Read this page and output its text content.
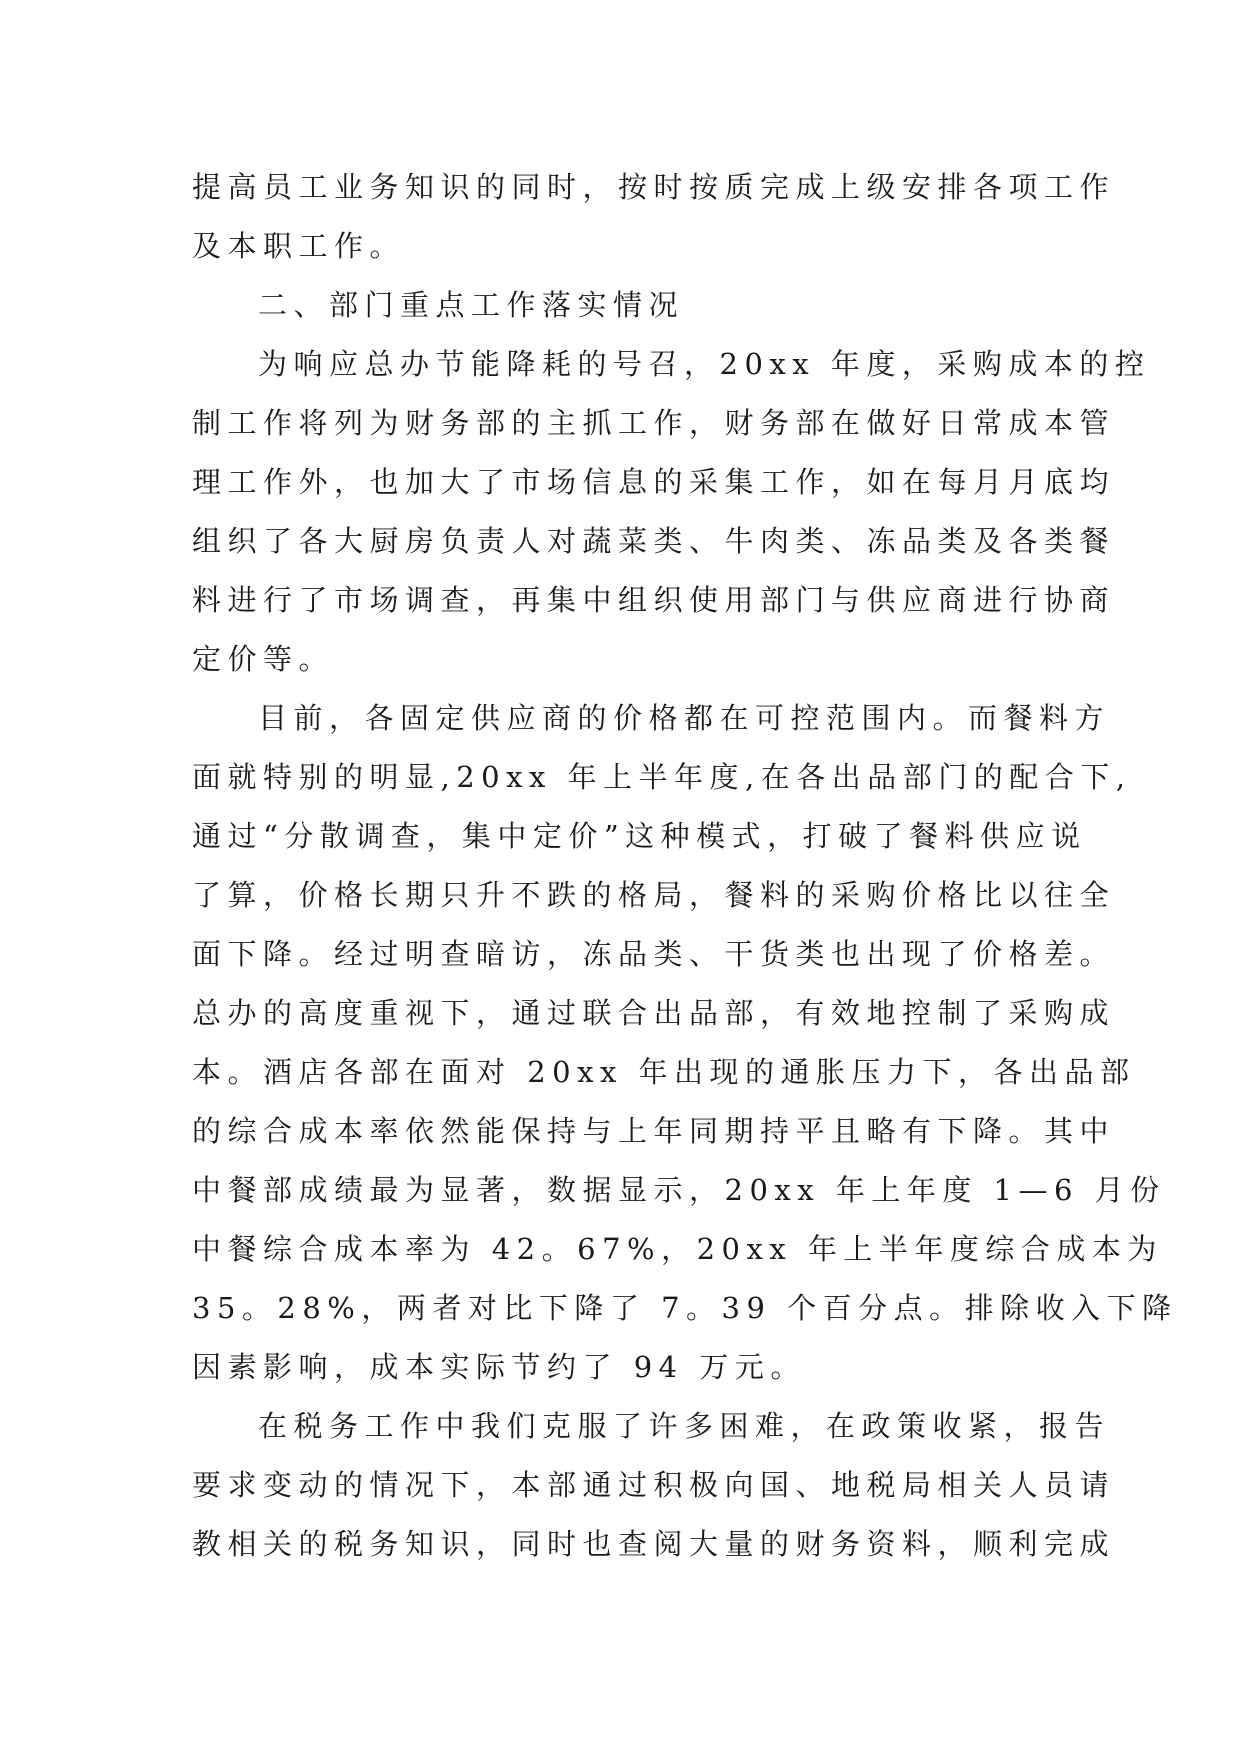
提高员工业务知识的同时，按时按质完成上级安排各项工作
及本职工作。
二、部门重点工作落实情况
为响应总办节能降耗的号召，20xx 年度，采购成本的控
制工作将列为财务部的主抓工作，财务部在做好日常成本管
理工作外，也加大了市场信息的采集工作，如在每月月底均
组织了各大厨房负责人对蔬菜类、牛肉类、冻品类及各类餐
料进行了市场调查，再集中组织使用部门与供应商进行协商
定价等。
目前，各固定供应商的价格都在可控范围内。而餐料方
面就特别的明显,20xx 年上半年度,在各出品部门的配合下,
通过“分散调查，集中定价”这种模式，打破了餐料供应说
了算，价格长期只升不跌的格局，餐料的采购价格比以往全
面下降。经过明查暗访，冻品类、干货类也出现了价格差。
总办的高度重视下，通过联合出品部，有效地控制了采购成
本。酒店各部在面对 20xx 年出现的通胀压力下，各出品部
的综合成本率依然能保持与上年同期持平且略有下降。其中
中餐部成绩最为显著，数据显示，20xx 年上年度 1—6 月份
中餐综合成本率为 42。67%，20xx 年上半年度综合成本为
35。28%，两者对比下降了 7。39 个百分点。排除收入下降
因素影响，成本实际节约了 94 万元。
在税务工作中我们克服了许多困难，在政策收紧，报告
要求变动的情况下，本部通过积极向国、地税局相关人员请
教相关的税务知识，同时也查阅大量的财务资料，顺利完成
